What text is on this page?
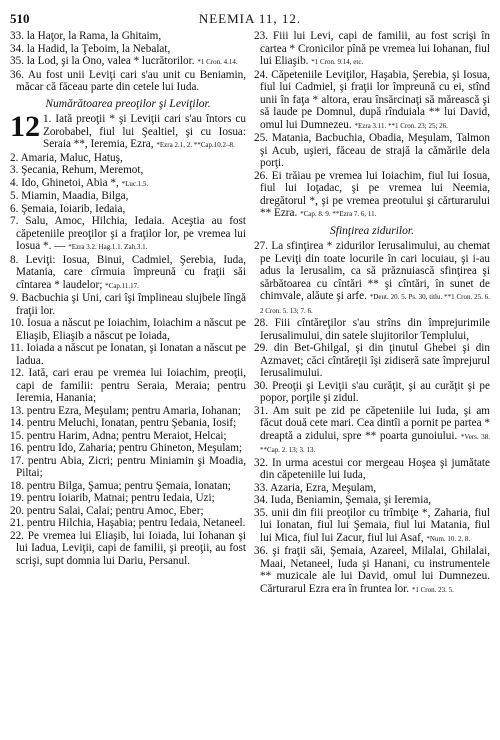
510	NEEMIA 11, 12.

33. la Haţor, la Rama, la Ghitaim,

34. la Hadid, la Ţeboim, la Nebalat,

35. la Lod, şi la Ono, valea * lucrătorilor. *1 Cron. 4.14.

36. Au fost unii Leviţi cari s'au unit cu Beniamin, măcar că făceau parte din cetele lui Iuda.

Numărătoarea preoţilor şi Leviţilor.

12 1. Iată preoţii * şi Leviţii cari s'au întors cu Zorobabel, fiul lui Şealtiel, şi cu Iosua: Seraia **, Ieremia, Ezra, *Ezra 2.1, 2. **Cap.10.2–8.

2. Amaria, Maluc, Hatuş,

3. Şecania, Rehum, Meremot,

4. Ido, Ghinetoi, Abia *, *Luc.1.5.

5. Miamin, Maadia, Bilga,

6. Şemaia, Ioiarib, Iedaia,

7. Salu, Amoc, Hilchia, Iedaia. Aceştia au fost căpeteniile preoţilor şi a fraţilor lor, pe vremea lui Iosua *. — *Ezra 3.2. Hag.1.1. Zah.3.1.

8. Leviţi: Iosua, Binui, Cadmiel, Şerebia, Iuda, Matania, care cîrmuia împreună cu fraţii săi cîntarea * laudelor; *Cap.11.17.

9. Bacbuchia şi Uni, cari îşi împlineau slujbele lîngă fraţii lor.

10. Iosua a născut pe Ioiachim, Ioiachim a născut pe Eliaşib, Eliaşib a născut pe Ioiada,

11. Ioiada a născut pe Ionatan, şi Ionatan a născut pe Iadua.

12. Iată, cari erau pe vremea lui Ioiachim, preoţii, capi de familii: pentru Seraia, Meraia; pentru Ieremia, Hanania;

13. pentru Ezra, Meşulam; pentru Amaria, Iohanan;

14. pentru Meluchi, Ionatan, pentru Şebania, Iosif;

15. pentru Harim, Adna; pentru Meraiot, Helcai;

16. pentru Ido, Zaharia; pentru Ghineton, Meşulam;

17. pentru Abia, Zicri; pentru Miniamin şi Moadia, Piltai;

18. pentru Bilga, Şamua; pentru Şemaia, Ionatan;

19. pentru Ioiarib, Matnai; pentru Iedaia, Uzi;

20. pentru Salai, Calai; pentru Amoc, Eber;

21. pentru Hilchia, Haşabia; pentru Iedaia, Netaneel.

22. Pe vremea lui Eliaşib, lui Ioiada, lui Iohanan şi lui Iadua, Leviţii, capi de familii, şi preoţii, au fost scrişi, supt domnia lui Dariu, Persanul.

23. Fiii lui Levi, capi de familii, au fost scrişi în cartea * Cronicilor pînă pe vremea lui Iohanan, fiul lui Eliaşib. *1 Cron. 9.14, etc.

24. Căpeteniile Leviţilor, Haşabia, Şerebia, şi Iosua, fiul lui Cadmiel, şi fraţii lor împreună cu ei, stînd unii în faţa * altora, erau însărcinaţi să mărească şi să laude pe Domnul, după rînduiala ** lui David, omul lui Dumnezeu. *Ezra 3.11. **1 Cron. 23; 25; 26.

25. Matania, Bacbuchia, Obadia, Meşulam, Talmon şi Acub, uşieri, făceau de strajă la cămările dela porţi.

26. Ei trăiau pe vremea lui Ioiachim, fiul lui Iosua, fiul lui Ioţadac, şi pe vremea lui Neemia, dregătorul *, şi pe vremea preotului şi cărturarului ** Ezra. *Cap. 8. 9. **Ezra 7. 6, 11.

Sfinţirea zidurilor.

27. La sfinţirea * zidurilor Ierusalimului, au chemat pe Leviţi din toate locurile în cari locuiau, şi i-au adus la Ierusalim, ca să prăznuiască sfinţirea şi sărbătoarea cu cîntări ** şi cîntări, în sunet de chimvale, alăute şi arfe. *Deut. 20. 5. Ps. 30, titlu. **1 Cron. 25. 6. 2 Cron. 5. 13; 7. 6.

28. Fiii cîntăreţilor s'au strîns din împrejurimile Ierusalimului, din satele slujitorilor Templului,

29. din Bet-Ghilgal, şi din ţinutul Ghebei şi din Azmavet; căci cîntăreţii îşi zidiseră sate împrejurul Ierusalimului.

30. Preoţii şi Leviţii s'au curăţit, şi au curăţit şi pe popor, porţile şi zidul.

31. Am suit pe zid pe căpeteniile lui Iuda, şi am făcut două cete mari. Cea dintîi a pornit pe partea * dreaptă a zidului, spre ** poarta gunoiului. *Vers. 38. **Cap. 2. 13; 3. 13.

32. In urma acestui cor mergeau Hoşea şi jumătate din căpeteniile lui Iuda,

33. Azaria, Ezra, Meşulam,

34. Iuda, Beniamin, Şemaia, şi Ieremia,

35. unii din fiii preoţilor cu trîmbiţe *, Zaharia, fiul lui Ionatan, fiul lui Şemaia, fiul lui Matania, fiul lui Mica, fiul lui Zacur, fiul lui Asaf, *Num. 10. 2, 8.

36. şi fraţii săi, Şemaia, Azareel, Milalai, Ghilalai, Maai, Netaneel, Iuda şi Hanani, cu instrumentele ** muzicale ale lui David, omul lui Dumnezeu. Cărturarul Ezra era în fruntea lor. *1 Cron. 23. 5.
